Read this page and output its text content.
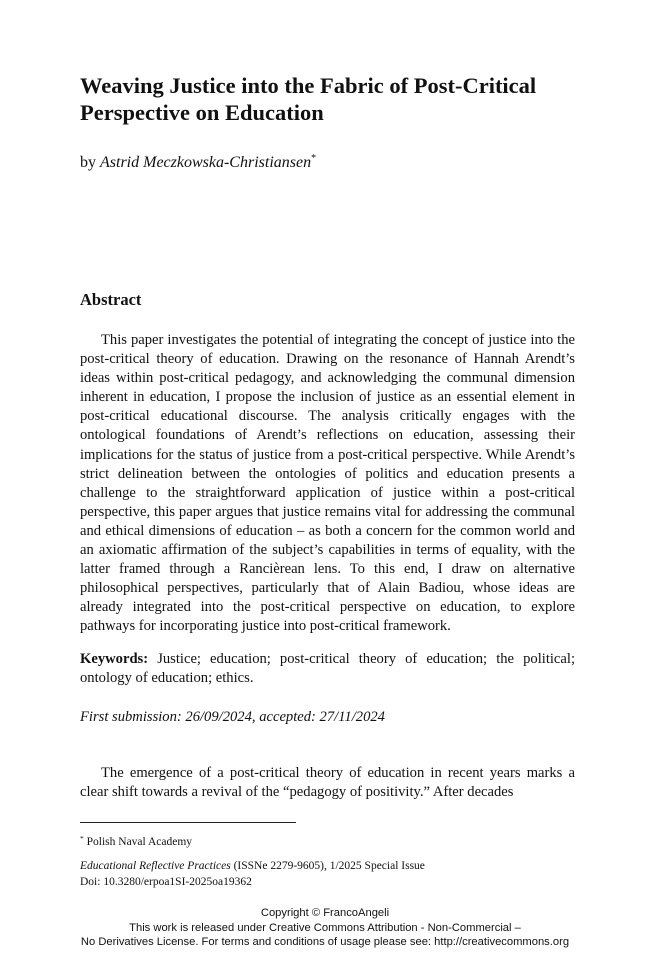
Weaving Justice into the Fabric of Post-Critical Perspective on Education
by Astrid Meczkowska-Christiansen*
Abstract

This paper investigates the potential of integrating the concept of justice into the post-critical theory of education. Drawing on the resonance of Hannah Arendt’s ideas within post-critical pedagogy, and acknowledging the communal dimension inherent in education, I propose the inclusion of justice as an essential element in post-critical educational discourse. The analysis critically engages with the ontological foundations of Arendt’s reflections on education, assessing their implications for the status of justice from a post-critical perspective. While Arendt’s strict delineation between the ontologies of politics and education presents a challenge to the straightforward application of justice within a post-critical perspective, this paper argues that justice remains vital for addressing the communal and ethical dimensions of education – as both a concern for the common world and an axiomatic affirmation of the subject’s capabilities in terms of equality, with the latter framed through a Rancièrean lens. To this end, I draw on alternative philosophical perspectives, particularly that of Alain Badiou, whose ideas are already integrated into the post-critical perspective on education, to explore pathways for incorporating justice into post-critical framework.

Keywords: Justice; education; post-critical theory of education; the political; ontology of education; ethics.

First submission: 26/09/2024, accepted: 27/11/2024

The emergence of a post-critical theory of education in recent years marks a clear shift towards a revival of the “pedagogy of positivity.” After decades

* Polish Naval Academy
Educational Reflective Practices (ISSNe 2279-9605), 1/2025 Special Issue
Doi: 10.3280/erpoa1SI-2025oa19362
Copyright © FrancoAngeli
This work is released under Creative Commons Attribution - Non-Commercial –
No Derivatives License. For terms and conditions of usage please see: http://creativecommons.org
